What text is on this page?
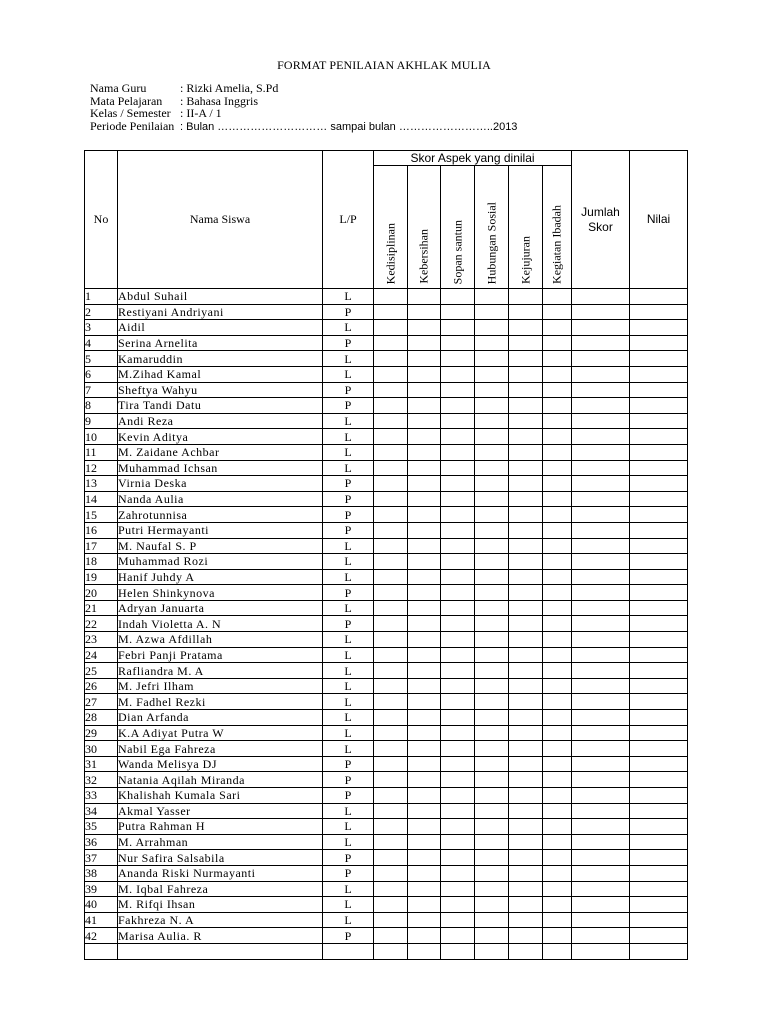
FORMAT PENILAIAN AKHLAK MULIA
Nama Guru	: Rizki Amelia, S.Pd
Mata Pelajaran : Bahasa Inggris
Kelas / Semester : II-A / 1
Periode Penilaian : Bulan ………………………… sampai bulan ……………………..2013
No	Nama Siswa	L/P	Skor Aspek yang dinilai						Jumlah Skor	Nilai

			Kedisiplinan	Kebersihan	Sopan santun	Hubungan Sosial	Kejujuran	Kegiatan Ibadah		

1	Abdul Suhail	L								
2	Restiyani Andriyani	P								
3	Aidil	L								
4	Serina Arnelita	P								
5	Kamaruddin	L								
6	M.Zihad Kamal	L								
7	Sheftya Wahyu	P								
8	Tira Tandi Datu	P								
9	Andi Reza	L								
10	Kevin Aditya	L								
11	M. Zaidane Achbar	L								
12	Muhammad Ichsan	L								
13	Virnia Deska	P								
14	Nanda Aulia	P								
15	Zahrotunnisa	P								
16	Putri Hermayanti	P								
17	M. Naufal S. P	L								
18	Muhammad Rozi	L								
19	Hanif Juhdy A	L								
20	Helen Shinkynova	P								
21	Adryan Januarta	L								
22	Indah Violetta A. N	P								
23	M. Azwa Afdillah	L								
24	Febri Panji Pratama	L								
25	Rafliandra M. A	L								
26	M. Jefri Ilham	L								
27	M. Fadhel Rezki	L								
28	Dian Arfanda	L								
29	K.A Adiyat Putra W	L								
30	Nabil Ega Fahreza	L								
31	Wanda Melisya DJ	P								
32	Natania Aqilah Miranda	P								
33	Khalishah Kumala Sari	P								
34	Akmal Yasser	L								
35	Putra Rahman H	L								
36	M. Arrahman	L								
37	Nur Safira Salsabila	P								
38	Ananda Riski Nurmayanti	P								
39	M. Iqbal Fahreza	L								
40	M. Rifqi Ihsan	L								
41	Fakhreza N. A	L								
42	Marisa Aulia. R	P								
